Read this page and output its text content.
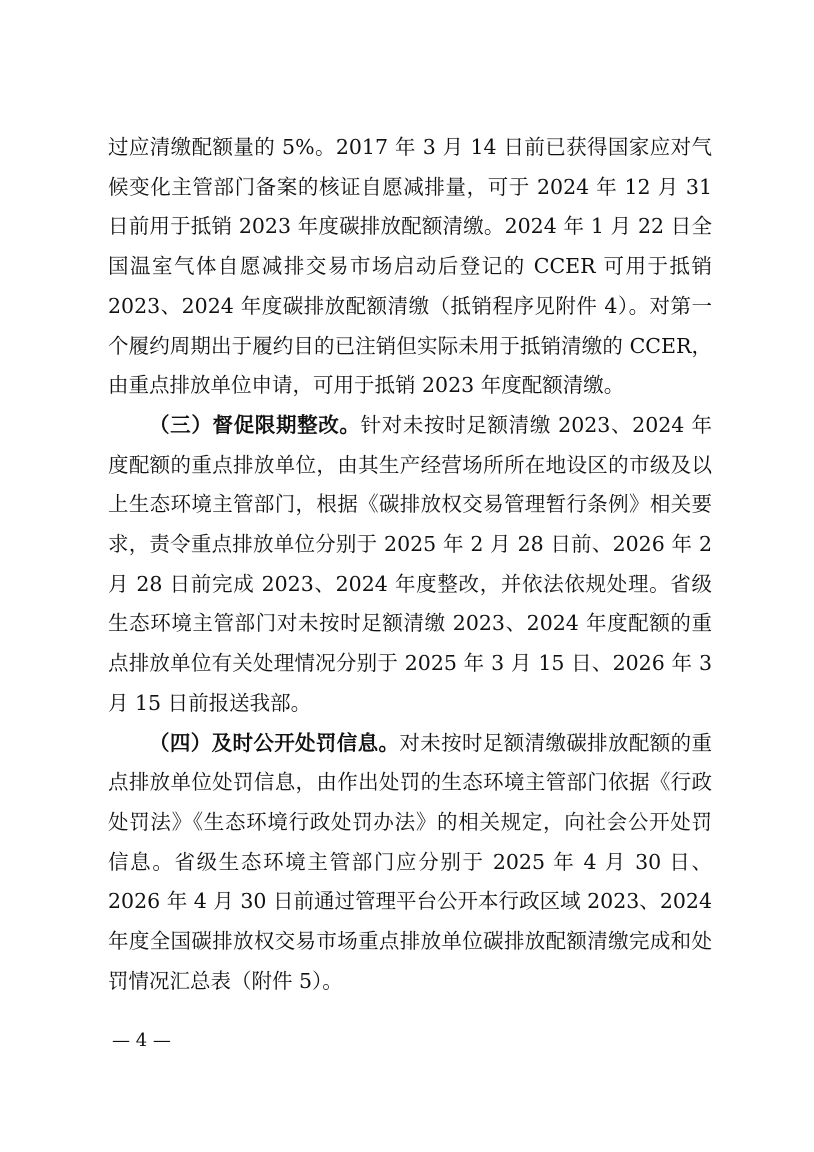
过应清缴配额量的 5%。2017 年 3 月 14 日前已获得国家应对气候变化主管部门备案的核证自愿减排量，可于 2024 年 12 月 31 日前用于抵销 2023 年度碳排放配额清缴。2024 年 1 月 22 日全国温室气体自愿减排交易市场启动后登记的 CCER 可用于抵销 2023、2024 年度碳排放配额清缴（抵销程序见附件 4）。对第一个履约周期出于履约目的已注销但实际未用于抵销清缴的 CCER，由重点排放单位申请，可用于抵销 2023 年度配额清缴。

（三）督促限期整改。针对未按时足额清缴 2023、2024 年度配额的重点排放单位，由其生产经营场所所在地设区的市级及以上生态环境主管部门，根据《碳排放权交易管理暂行条例》相关要求，责令重点排放单位分别于 2025 年 2 月 28 日前、2026 年 2 月 28 日前完成 2023、2024 年度整改，并依法依规处理。省级生态环境主管部门对未按时足额清缴 2023、2024 年度配额的重点排放单位有关处理情况分别于 2025 年 3 月 15 日、2026 年 3 月 15 日前报送我部。

（四）及时公开处罚信息。对未按时足额清缴碳排放配额的重点排放单位处罚信息，由作出处罚的生态环境主管部门依据《行政处罚法》《生态环境行政处罚办法》的相关规定，向社会公开处罚信息。省级生态环境主管部门应分别于 2025 年 4 月 30 日、2026 年 4 月 30 日前通过管理平台公开本行政区域 2023、2024 年度全国碳排放权交易市场重点排放单位碳排放配额清缴完成和处罚情况汇总表（附件 5）。

— 4 —
